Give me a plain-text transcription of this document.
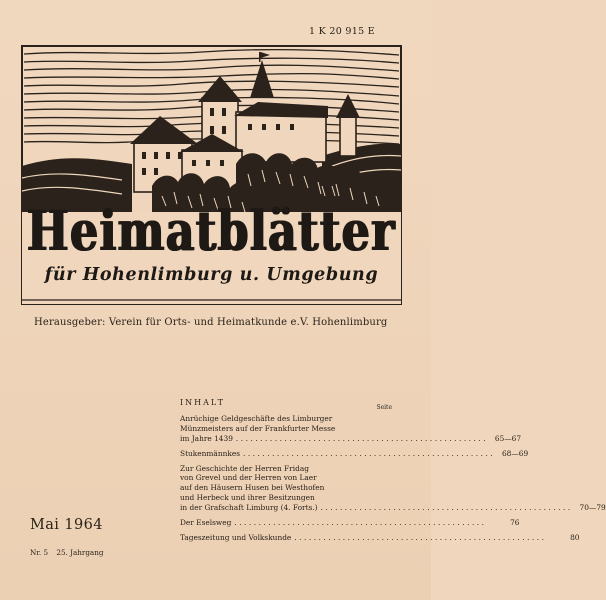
1 K 20 915 E
Heimatblätter
für Hohenlimburg u. Umgebung
Herausgeber: Verein für Orts- und Heimatkunde e.V. Hohenlimburg
INHALT
Seite
Anrüchige Geldgeschäfte des Limburger
Münzmeisters auf der Frankfurter Messe
im Jahre 1439 .................................................... 65—67
Stukenmännkes .................................................... 68—69
Zur Geschichte der Herren Fridag
von Grevel und der Herren von Laer
auf den Häusern Husen bei Westhofen
und Herbeck und ihrer Besitzungen
in der Grafschaft Limburg (4. Forts.) .................................................... 70—79
Der Eselsweg ....................................................	76
Tageszeitung und Volkskunde ....................................................	80
Mai 1964
Nr. 5 25. Jahrgang
